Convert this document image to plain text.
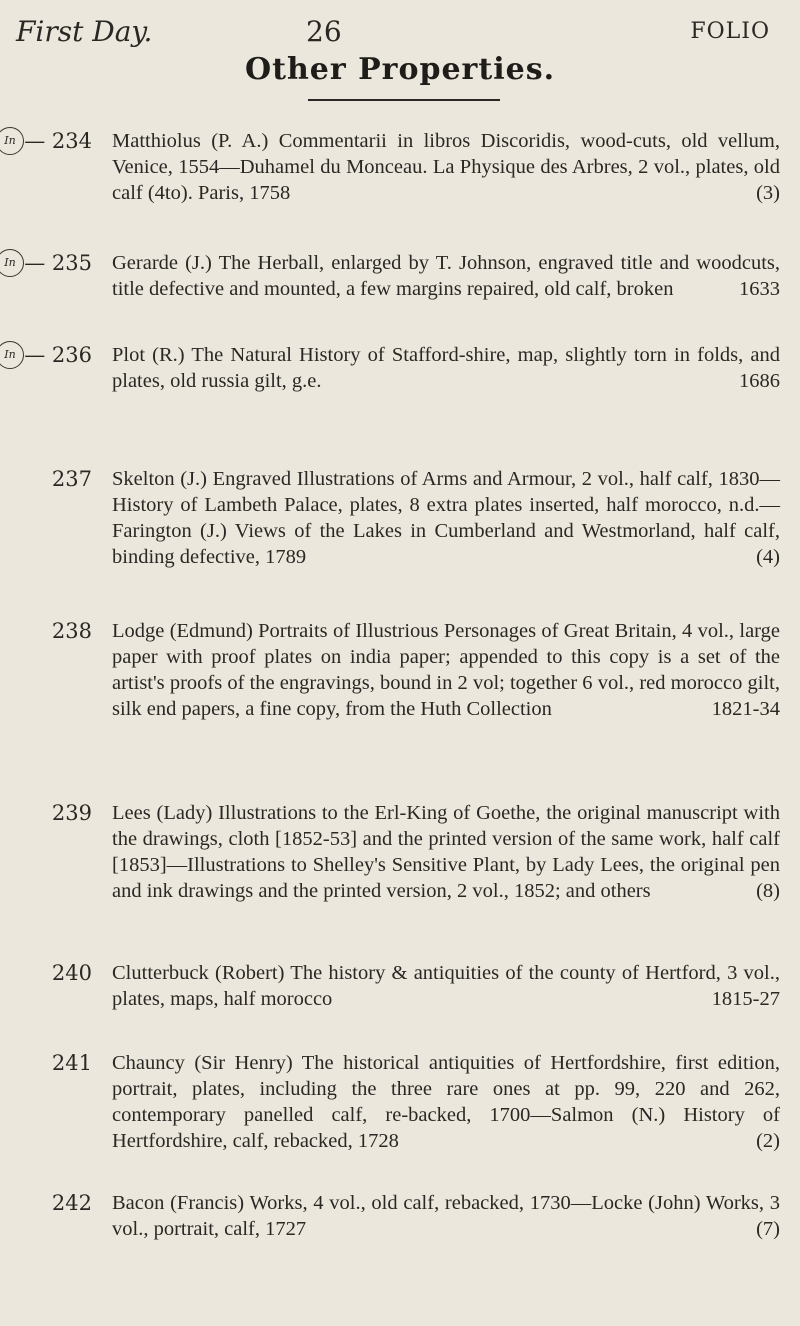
First Day.	26	FOLIO
Other Properties.
In — 234 Matthiolus (P. A.) Commentarii in libros Discoridis, wood-cuts, old vellum, Venice, 1554—Duhamel du Monceau. La Physique des Arbres, 2 vol., plates, old calf (4to). Paris, 1758	(3)
In — 235 Gerarde (J.) The Herball, enlarged by T. Johnson, engraved title and woodcuts, title defective and mounted, a few margins repaired, old calf, broken	1633
In — 236 Plot (R.) The Natural History of Stafford-shire, map, slightly torn in folds, and plates, old russia gilt, g.e.	1686
237 Skelton (J.) Engraved Illustrations of Arms and Armour, 2 vol., half calf, 1830—History of Lambeth Palace, plates, 8 extra plates inserted, half morocco, n.d.—Farington (J.) Views of the Lakes in Cumberland and Westmorland, half calf, binding defective, 1789	(4)
238 Lodge (Edmund) Portraits of Illustrious Personages of Great Britain, 4 vol., large paper with proof plates on india paper; appended to this copy is a set of the artist's proofs of the engravings, bound in 2 vol; together 6 vol., red morocco gilt, silk end papers, a fine copy, from the Huth Collection	1821-34
239 Lees (Lady) Illustrations to the Erl-King of Goethe, the original manuscript with the drawings, cloth [1852-53] and the printed version of the same work, half calf [1853]—Illustrations to Shelley's Sensitive Plant, by Lady Lees, the original pen and ink drawings and the printed version, 2 vol., 1852; and others	(8)
240 Clutterbuck (Robert) The history & antiquities of the county of Hertford, 3 vol., plates, maps, half morocco	1815-27
241 Chauncy (Sir Henry) The historical antiquities of Hertfordshire, first edition, portrait, plates, including the three rare ones at pp. 99, 220 and 262, contemporary panelled calf, re-backed, 1700—Salmon (N.) History of Hertfordshire, calf, rebacked, 1728	(2)
242 Bacon (Francis) Works, 4 vol., old calf, rebacked, 1730—Locke (John) Works, 3 vol., portrait, calf, 1727	(7)
